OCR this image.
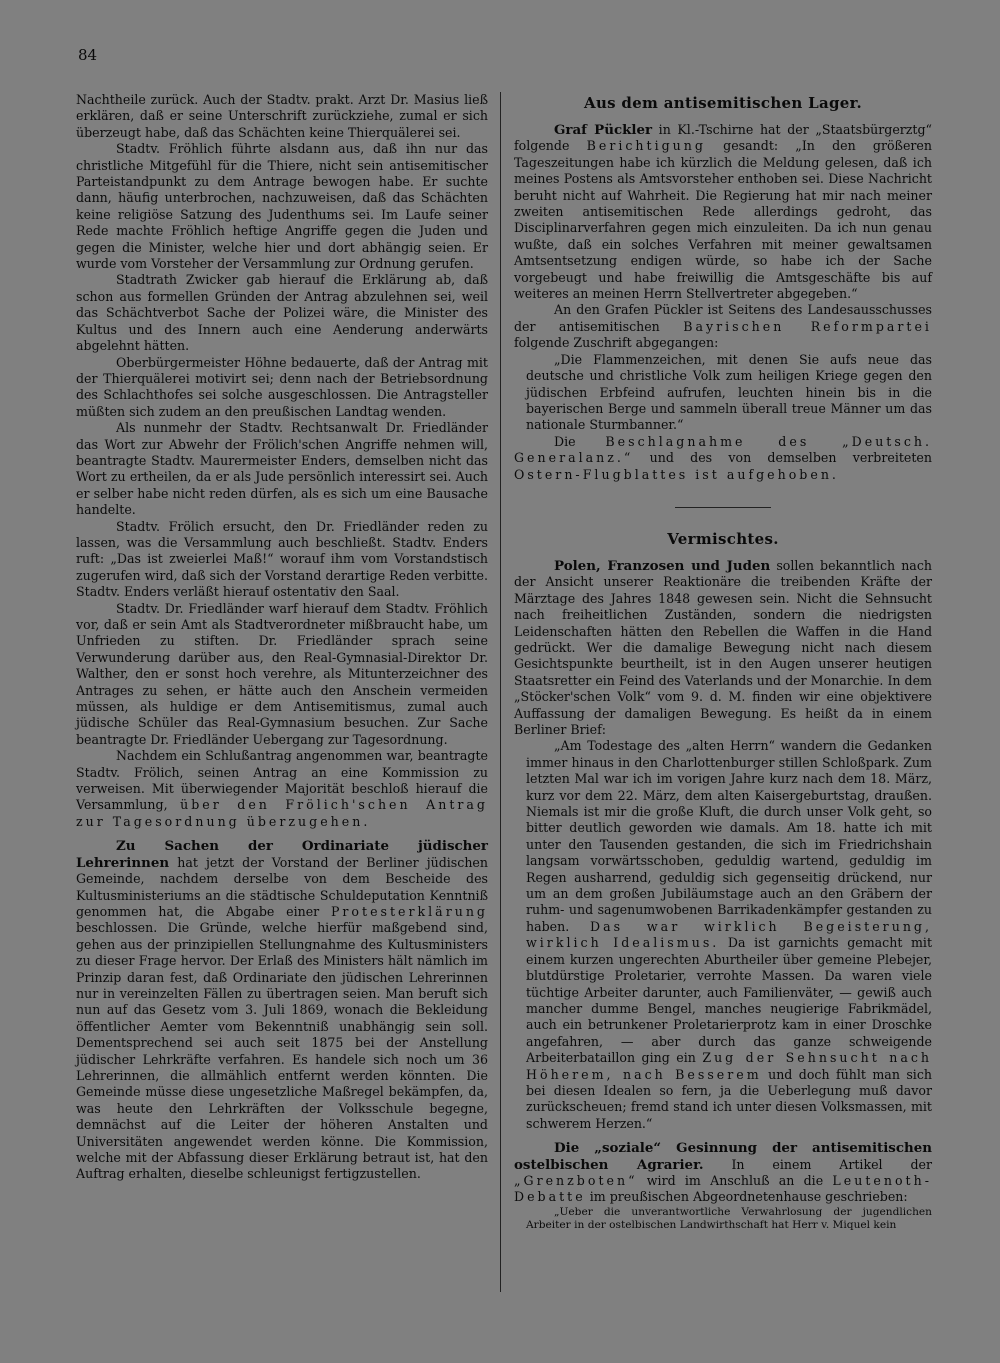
84

Nachtheile zurück. Auch der Stadtv. prakt. Arzt Dr. Masius ließ erklären, daß er seine Unterschrift zurückziehe, zumal er sich überzeugt habe, daß das Schächten keine Thierquälerei sei.

Stadtv. Fröhlich führte alsdann aus, daß ihn nur das christliche Mitgefühl für die Thiere, nicht sein antisemitischer Parteistandpunkt zu dem Antrage bewogen habe. Er suchte dann, häufig unterbrochen, nachzuweisen, daß das Schächten keine religiöse Satzung des Judenthums sei. Im Laufe seiner Rede machte Fröhlich heftige Angriffe gegen die Juden und gegen die Minister, welche hier und dort abhängig seien. Er wurde vom Vorsteher der Versammlung zur Ordnung gerufen.

Stadtrath Zwicker gab hierauf die Erklärung ab, daß schon aus formellen Gründen der Antrag abzulehnen sei, weil das Schächtverbot Sache der Polizei wäre, die Minister des Kultus und des Innern auch eine Aenderung anderwärts abgelehnt hätten.

Oberbürgermeister Höhne bedauerte, daß der Antrag mit der Thierquälerei motivirt sei; denn nach der Betriebsordnung des Schlachthofes sei solche ausgeschlossen. Die Antragsteller müßten sich zudem an den preußischen Landtag wenden.

Als nunmehr der Stadtv. Rechtsanwalt Dr. Friedländer das Wort zur Abwehr der Frölich'schen Angriffe nehmen will, beantragte Stadtv. Maurermeister Enders, demselben nicht das Wort zu ertheilen, da er als Jude persönlich interessirt sei. Auch er selber habe nicht reden dürfen, als es sich um eine Bausache handelte.

Stadtv. Frölich ersucht, den Dr. Friedländer reden zu lassen, was die Versammlung auch beschließt. Stadtv. Enders ruft: „Das ist zweierlei Maß!“ worauf ihm vom Vorstandstisch zugerufen wird, daß sich der Vorstand derartige Reden verbitte. Stadtv. Enders verläßt hierauf ostentativ den Saal.

Stadtv. Dr. Friedländer warf hierauf dem Stadtv. Fröhlich vor, daß er sein Amt als Stadtverordneter mißbraucht habe, um Unfrieden zu stiften. Dr. Friedländer sprach seine Verwunderung darüber aus, den Real-Gymnasial-Direktor Dr. Walther, den er sonst hoch verehre, als Mitunterzeichner des Antrages zu sehen, er hätte auch den Anschein vermeiden müssen, als huldige er dem Antisemitismus, zumal auch jüdische Schüler das Real-Gymnasium besuchen. Zur Sache beantragte Dr. Friedländer Uebergang zur Tagesordnung.

Nachdem ein Schlußantrag angenommen war, beantragte Stadtv. Frölich, seinen Antrag an eine Kommission zu verweisen. Mit überwiegender Majorität beschloß hierauf die Versammlung, über den Frölich'schen Antrag zur Tagesordnung überzugehen.

Zu Sachen der Ordinariate jüdischer Lehrerinnen hat jetzt der Vorstand der Berliner jüdischen Gemeinde, nachdem derselbe von dem Bescheide des Kultusministeriums an die städtische Schuldeputation Kenntniß genommen hat, die Abgabe einer Protesterklärung beschlossen. Die Gründe, welche hierfür maßgebend sind, gehen aus der prinzipiellen Stellungnahme des Kultusministers zu dieser Frage hervor. Der Erlaß des Ministers hält nämlich im Prinzip daran fest, daß Ordinariate den jüdischen Lehrerinnen nur in vereinzelten Fällen zu übertragen seien. Man beruft sich nun auf das Gesetz vom 3. Juli 1869, wonach die Bekleidung öffentlicher Aemter vom Bekenntniß unabhängig sein soll. Dementsprechend sei auch seit 1875 bei der Anstellung jüdischer Lehrkräfte verfahren. Es handele sich noch um 36 Lehrerinnen, die allmählich entfernt werden könnten. Die Gemeinde müsse diese ungesetzliche Maßregel bekämpfen, da, was heute den Lehrkräften der Volksschule begegne, demnächst auf die Leiter der höheren Anstalten und Universitäten angewendet werden könne. Die Kommission, welche mit der Abfassung dieser Erklärung betraut ist, hat den Auftrag erhalten, dieselbe schleunigst fertigzustellen.

Aus dem antisemitischen Lager.

Graf Pückler in Kl.-Tschirne hat der „Staatsbürgerztg“ folgende Berichtigung gesandt: „In den größeren Tageszeitungen habe ich kürzlich die Meldung gelesen, daß ich meines Postens als Amtsvorsteher enthoben sei. Diese Nachricht beruht nicht auf Wahrheit. Die Regierung hat mir nach meiner zweiten antisemitischen Rede allerdings gedroht, das Disciplinarverfahren gegen mich einzuleiten. Da ich nun genau wußte, daß ein solches Verfahren mit meiner gewaltsamen Amtsentsetzung endigen würde, so habe ich der Sache vorgebeugt und habe freiwillig die Amtsgeschäfte bis auf weiteres an meinen Herrn Stellvertreter abgegeben.“

An den Grafen Pückler ist Seitens des Landesausschusses der antisemitischen Bayrischen Reformpartei folgende Zuschrift abgegangen:

„Die Flammenzeichen, mit denen Sie aufs neue das deutsche und christliche Volk zum heiligen Kriege gegen den jüdischen Erbfeind aufrufen, leuchten hinein bis in die bayerischen Berge und sammeln überall treue Männer um das nationale Sturmbanner.“

Die Beschlagnahme des „Deutsch. Generalanz.“ und des von demselben verbreiteten Ostern-Flugblattes ist aufgehoben.

Vermischtes.

Polen, Franzosen und Juden sollen bekanntlich nach der Ansicht unserer Reaktionäre die treibenden Kräfte der Märztage des Jahres 1848 gewesen sein. Nicht die Sehnsucht nach freiheitlichen Zuständen, sondern die niedrigsten Leidenschaften hätten den Rebellen die Waffen in die Hand gedrückt. Wer die damalige Bewegung nicht nach diesem Gesichtspunkte beurtheilt, ist in den Augen unserer heutigen Staatsretter ein Feind des Vaterlands und der Monarchie. In dem „Stöcker'schen Volk“ vom 9. d. M. finden wir eine objektivere Auffassung der damaligen Bewegung. Es heißt da in einem Berliner Brief:

„Am Todestage des „alten Herrn“ wandern die Gedanken immer hinaus in den Charlottenburger stillen Schloßpark. Zum letzten Mal war ich im vorigen Jahre kurz nach dem 18. März, kurz vor dem 22. März, dem alten Kaisergeburtstag, draußen. Niemals ist mir die große Kluft, die durch unser Volk geht, so bitter deutlich geworden wie damals. Am 18. hatte ich mit unter den Tausenden gestanden, die sich im Friedrichshain langsam vorwärtsschoben, geduldig wartend, geduldig im Regen ausharrend, geduldig sich gegenseitig drückend, nur um an dem großen Jubiläumstage auch an den Gräbern der ruhm- und sagenumwobenen Barrikadenkämpfer gestanden zu haben. Das war wirklich Begeisterung, wirklich Idealismus. Da ist garnichts gemacht mit einem kurzen ungerechten Aburtheiler über gemeine Plebejer, blutdürstige Proletarier, verrohte Massen. Da waren viele tüchtige Arbeiter darunter, auch Familienväter, — gewiß auch mancher dumme Bengel, manches neugierige Fabrikmädel, auch ein betrunkener Proletarierprotz kam in einer Droschke angefahren, — aber durch das ganze schweigende Arbeiterbataillon ging ein Zug der Sehnsucht nach Höherem, nach Besserem und doch fühlt man sich bei diesen Idealen so fern, ja die Ueberlegung muß davor zurückscheuen; fremd stand ich unter diesen Volksmassen, mit schwerem Herzen.“

Die „soziale“ Gesinnung der antisemitischen ostelbischen Agrarier. In einem Artikel der „Grenzboten“ wird im Anschluß an die Leutenoth-Debatte im preußischen Abgeordnetenhause geschrieben:

„Ueber die unverantwortliche Verwahrlosung der jugendlichen Arbeiter in der ostelbischen Landwirthschaft hat Herr v. Miquel kein
